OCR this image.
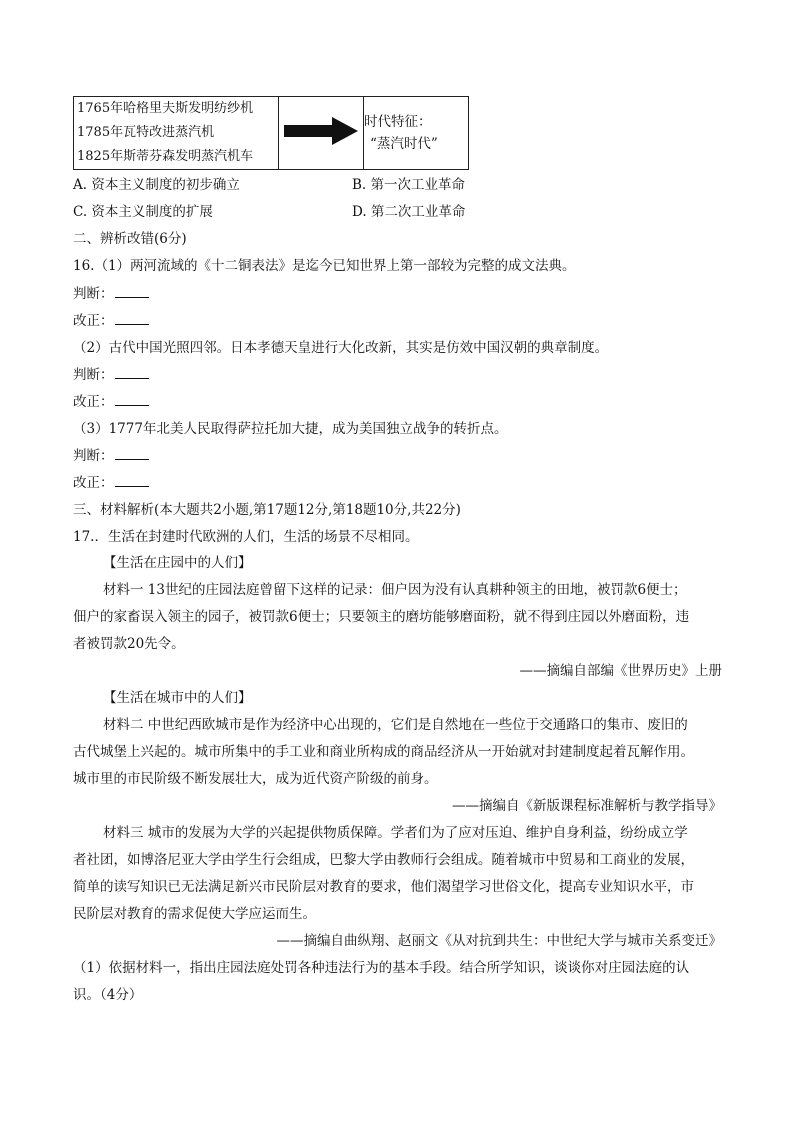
1765年哈格里夫斯发明纺纱机
1785年瓦特改进蒸汽机
1825年斯蒂芬森发明蒸汽机车

时代特征：
“蒸汽时代”
A. 资本主义制度的初步确立	B. 第一次工业革命
C. 资本主义制度的扩展	D. 第二次工业革命
二、辨析改错(6分)
16.（1）两河流域的《十二铜表法》是迄今已知世界上第一部较为完整的成文法典。
判断：
改正：
（2）古代中国光照四邻。日本孝德天皇进行大化改新，其实是仿效中国汉朝的典章制度。
判断：
改正：
（3）1777年北美人民取得萨拉托加大捷，成为美国独立战争的转折点。
判断：
改正：
三、材料解析(本大题共2小题,第17题12分,第18题10分,共22分)
17.．生活在封建时代欧洲的人们，生活的场景不尽相同。
【生活在庄园中的人们】
材料一 13世纪的庄园法庭曾留下这样的记录：佃户因为没有认真耕种领主的田地，被罚款6便士；
佃户的家畜误入领主的园子，被罚款6便士；只要领主的磨坊能够磨面粉，就不得到庄园以外磨面粉，违
者被罚款20先令。
——摘编自部编《世界历史》上册
【生活在城市中的人们】
材料二 中世纪西欧城市是作为经济中心出现的，它们是自然地在一些位于交通路口的集市、废旧的
古代城堡上兴起的。城市所集中的手工业和商业所构成的商品经济从一开始就对封建制度起着瓦解作用。
城市里的市民阶级不断发展壮大，成为近代资产阶级的前身。
——摘编自《新版课程标准解析与教学指导》
材料三 城市的发展为大学的兴起提供物质保障。学者们为了应对压迫、维护自身利益，纷纷成立学
者社团，如博洛尼亚大学由学生行会组成，巴黎大学由教师行会组成。随着城市中贸易和工商业的发展，
简单的读写知识已无法满足新兴市民阶层对教育的要求，他们渴望学习世俗文化，提高专业知识水平，市
民阶层对教育的需求促使大学应运而生。
——摘编自曲纵翔、赵丽文《从对抗到共生：中世纪大学与城市关系变迁》
（1）依据材料一，指出庄园法庭处罚各种违法行为的基本手段。结合所学知识，谈谈你对庄园法庭的认
识。（4分）
